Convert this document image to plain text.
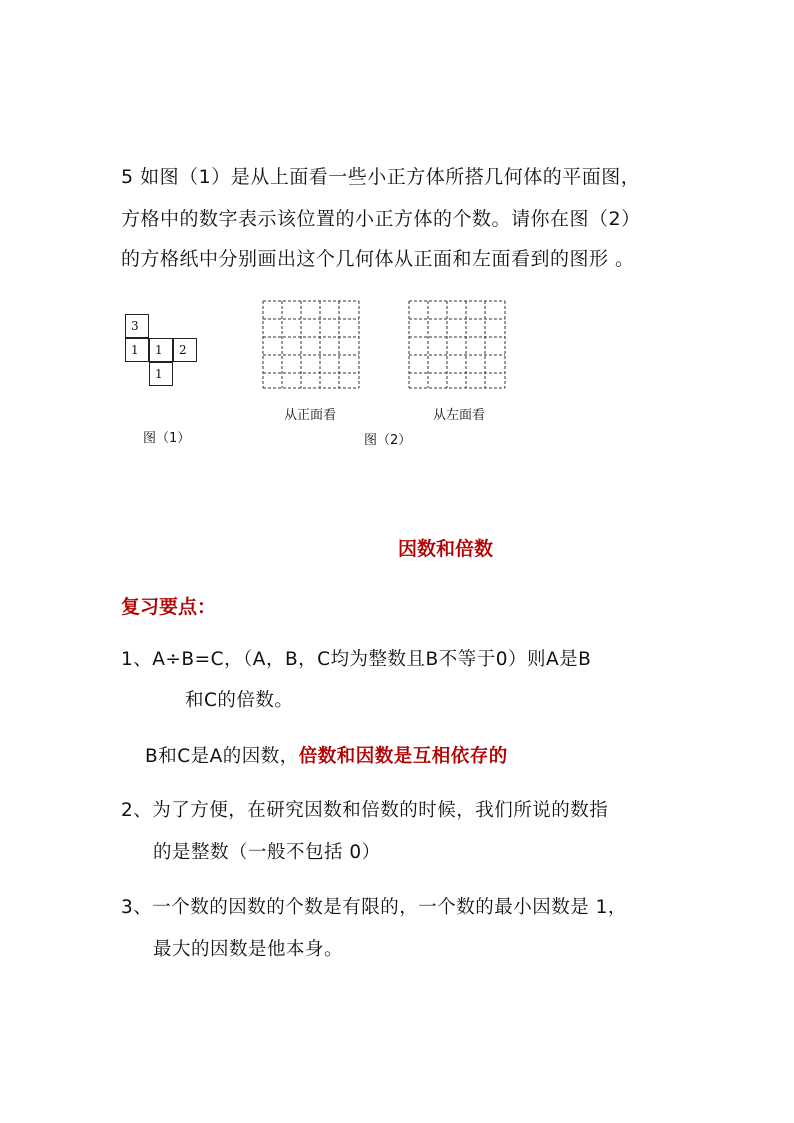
5 如图（1）是从上面看一些小正方体所搭几何体的平面图，
方格中的数字表示该位置的小正方体的个数。请你在图（2）
的方格纸中分别画出这个几何体从正面和左面看到的图形 。
3
1	1	2
1
图（1）
从正面看	从左面看
图（2）
因数和倍数
复习要点：
1、A÷B=C，（A，B，C均为整数且B不等于0）则A是B
和C的倍数。
B和C是A的因数，倍数和因数是互相依存的
2、为了方便，在研究因数和倍数的时候，我们所说的数指
的是整数（一般不包括 0）
3、一个数的因数的个数是有限的，一个数的最小因数是 1，
最大的因数是他本身。
